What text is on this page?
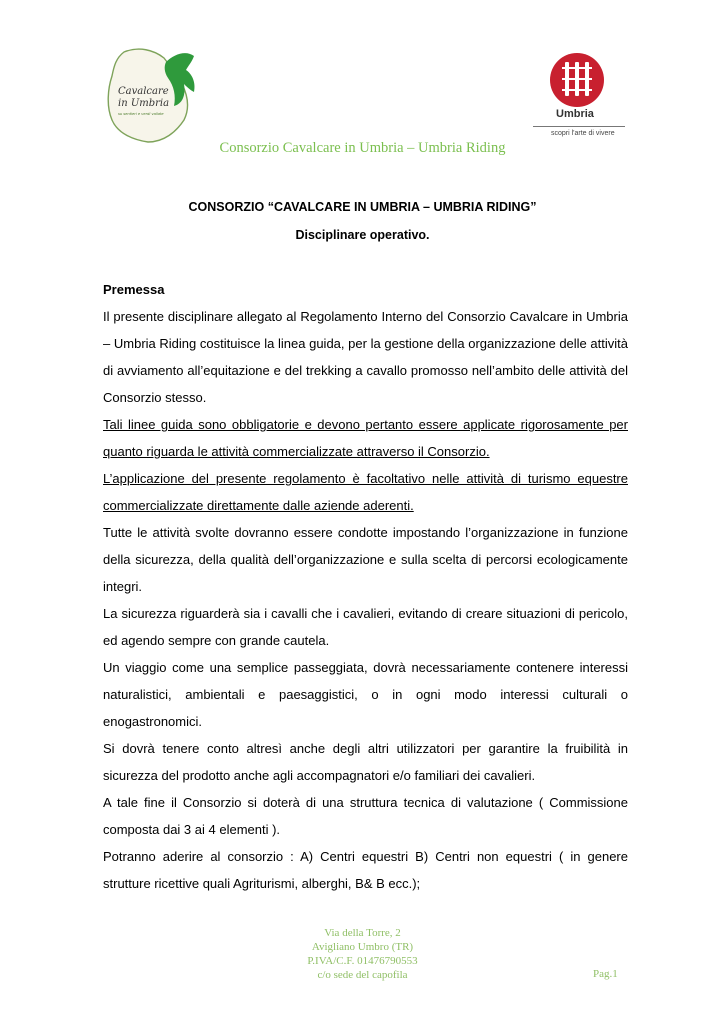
Cavalcare
in Umbria
su sentieri e verdi vallate	Umbria
scopri l'arte di vivere
Consorzio Cavalcare in Umbria – Umbria Riding
CONSORZIO “CAVALCARE IN UMBRIA – UMBRIA RIDING”
Disciplinare operativo.

Premessa

Il presente disciplinare allegato al Regolamento Interno del Consorzio Cavalcare in Umbria – Umbria Riding costituisce la linea guida, per la gestione della organizzazione delle attività di avviamento all’equitazione e del trekking a cavallo promosso nell’ambito delle attività del Consorzio stesso.

Tali linee guida sono obbligatorie e devono pertanto essere applicate rigorosamente per quanto riguarda le attività commercializzate attraverso il Consorzio.

L’applicazione del presente regolamento è facoltativo nelle attività di turismo equestre commercializzate direttamente dalle aziende aderenti.

Tutte le attività svolte dovranno essere condotte impostando l’organizzazione in funzione della sicurezza, della qualità dell’organizzazione e sulla scelta di percorsi ecologicamente integri.

La sicurezza riguarderà sia i cavalli che i cavalieri, evitando di creare situazioni di pericolo, ed agendo sempre con grande cautela.

Un viaggio come una semplice passeggiata, dovrà necessariamente contenere interessi naturalistici, ambientali e paesaggistici, o in ogni modo interessi culturali o enogastronomici.

Si dovrà tenere conto altresì anche degli altri utilizzatori per garantire la fruibilità in sicurezza del prodotto anche agli accompagnatori e/o familiari dei cavalieri.

A tale fine il Consorzio si doterà di una struttura tecnica di valutazione ( Commissione composta dai 3 ai 4 elementi ).

Potranno aderire al consorzio : A) Centri equestri B) Centri non equestri ( in genere strutture ricettive quali Agriturismi, alberghi, B& B ecc.);

Via della Torre, 2
Avigliano Umbro (TR)
P.IVA/C.F. 01476790553
c/o sede del capofila	Pag.1
